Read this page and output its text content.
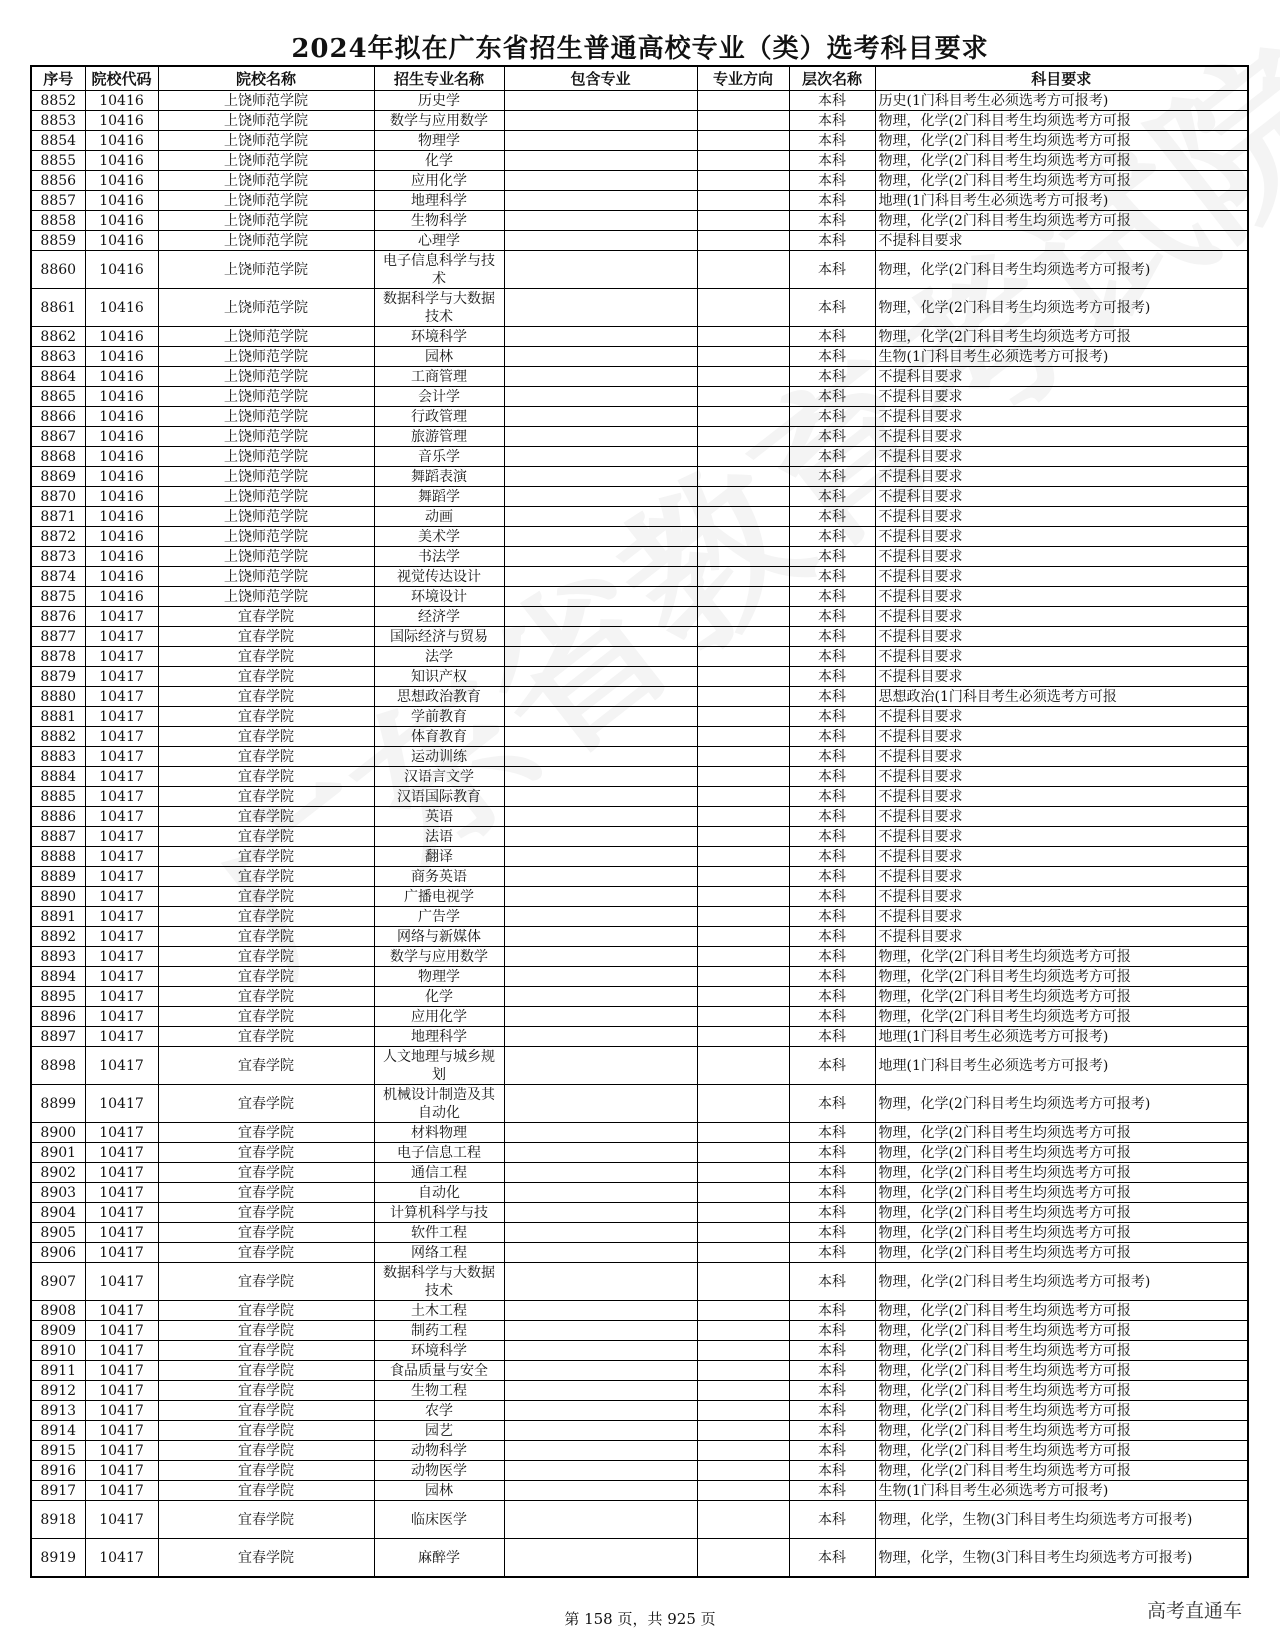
2024年拟在广东省招生普通高校专业（类）选考科目要求
序号	院校代码	院校名称	招生专业名称	包含专业	专业方向	层次名称	科目要求
8852	10416	上饶师范学院	历史学			本科	历史(1门科目考生必须选考方可报考)
8853	10416	上饶师范学院	数学与应用数学			本科	物理，化学(2门科目考生均须选考方可报
8854	10416	上饶师范学院	物理学			本科	物理，化学(2门科目考生均须选考方可报
8855	10416	上饶师范学院	化学			本科	物理，化学(2门科目考生均须选考方可报
8856	10416	上饶师范学院	应用化学			本科	物理，化学(2门科目考生均须选考方可报
8857	10416	上饶师范学院	地理科学			本科	地理(1门科目考生必须选考方可报考)
8858	10416	上饶师范学院	生物科学			本科	物理，化学(2门科目考生均须选考方可报
8859	10416	上饶师范学院	心理学			本科	不提科目要求
8860	10416	上饶师范学院	电子信息科学与技术			本科	物理，化学(2门科目考生均须选考方可报考)
8861	10416	上饶师范学院	数据科学与大数据技术			本科	物理，化学(2门科目考生均须选考方可报考)
8862	10416	上饶师范学院	环境科学			本科	物理，化学(2门科目考生均须选考方可报
8863	10416	上饶师范学院	园林			本科	生物(1门科目考生必须选考方可报考)
8864	10416	上饶师范学院	工商管理			本科	不提科目要求
8865	10416	上饶师范学院	会计学			本科	不提科目要求
8866	10416	上饶师范学院	行政管理			本科	不提科目要求
8867	10416	上饶师范学院	旅游管理			本科	不提科目要求
8868	10416	上饶师范学院	音乐学			本科	不提科目要求
8869	10416	上饶师范学院	舞蹈表演			本科	不提科目要求
8870	10416	上饶师范学院	舞蹈学			本科	不提科目要求
8871	10416	上饶师范学院	动画			本科	不提科目要求
8872	10416	上饶师范学院	美术学			本科	不提科目要求
8873	10416	上饶师范学院	书法学			本科	不提科目要求
8874	10416	上饶师范学院	视觉传达设计			本科	不提科目要求
8875	10416	上饶师范学院	环境设计			本科	不提科目要求
8876	10417	宜春学院	经济学			本科	不提科目要求
8877	10417	宜春学院	国际经济与贸易			本科	不提科目要求
8878	10417	宜春学院	法学			本科	不提科目要求
8879	10417	宜春学院	知识产权			本科	不提科目要求
8880	10417	宜春学院	思想政治教育			本科	思想政治(1门科目考生必须选考方可报
8881	10417	宜春学院	学前教育			本科	不提科目要求
8882	10417	宜春学院	体育教育			本科	不提科目要求
8883	10417	宜春学院	运动训练			本科	不提科目要求
8884	10417	宜春学院	汉语言文学			本科	不提科目要求
8885	10417	宜春学院	汉语国际教育			本科	不提科目要求
8886	10417	宜春学院	英语			本科	不提科目要求
8887	10417	宜春学院	法语			本科	不提科目要求
8888	10417	宜春学院	翻译			本科	不提科目要求
8889	10417	宜春学院	商务英语			本科	不提科目要求
8890	10417	宜春学院	广播电视学			本科	不提科目要求
8891	10417	宜春学院	广告学			本科	不提科目要求
8892	10417	宜春学院	网络与新媒体			本科	不提科目要求
8893	10417	宜春学院	数学与应用数学			本科	物理，化学(2门科目考生均须选考方可报
8894	10417	宜春学院	物理学			本科	物理，化学(2门科目考生均须选考方可报
8895	10417	宜春学院	化学			本科	物理，化学(2门科目考生均须选考方可报
8896	10417	宜春学院	应用化学			本科	物理，化学(2门科目考生均须选考方可报
8897	10417	宜春学院	地理科学			本科	地理(1门科目考生必须选考方可报考)
8898	10417	宜春学院	人文地理与城乡规划			本科	地理(1门科目考生必须选考方可报考)
8899	10417	宜春学院	机械设计制造及其自动化			本科	物理，化学(2门科目考生均须选考方可报考)
8900	10417	宜春学院	材料物理			本科	物理，化学(2门科目考生均须选考方可报
8901	10417	宜春学院	电子信息工程			本科	物理，化学(2门科目考生均须选考方可报
8902	10417	宜春学院	通信工程			本科	物理，化学(2门科目考生均须选考方可报
8903	10417	宜春学院	自动化			本科	物理，化学(2门科目考生均须选考方可报
8904	10417	宜春学院	计算机科学与技			本科	物理，化学(2门科目考生均须选考方可报
8905	10417	宜春学院	软件工程			本科	物理，化学(2门科目考生均须选考方可报
8906	10417	宜春学院	网络工程			本科	物理，化学(2门科目考生均须选考方可报
8907	10417	宜春学院	数据科学与大数据技术			本科	物理，化学(2门科目考生均须选考方可报考)
8908	10417	宜春学院	土木工程			本科	物理，化学(2门科目考生均须选考方可报
8909	10417	宜春学院	制药工程			本科	物理，化学(2门科目考生均须选考方可报
8910	10417	宜春学院	环境科学			本科	物理，化学(2门科目考生均须选考方可报
8911	10417	宜春学院	食品质量与安全			本科	物理，化学(2门科目考生均须选考方可报
8912	10417	宜春学院	生物工程			本科	物理，化学(2门科目考生均须选考方可报
8913	10417	宜春学院	农学			本科	物理，化学(2门科目考生均须选考方可报
8914	10417	宜春学院	园艺			本科	物理，化学(2门科目考生均须选考方可报
8915	10417	宜春学院	动物科学			本科	物理，化学(2门科目考生均须选考方可报
8916	10417	宜春学院	动物医学			本科	物理，化学(2门科目考生均须选考方可报
8917	10417	宜春学院	园林			本科	生物(1门科目考生必须选考方可报考)
8918	10417	宜春学院	临床医学			本科	物理，化学，生物(3门科目考生均须选考方可报考)
8919	10417	宜春学院	麻醉学			本科	物理，化学，生物(3门科目考生均须选考方可报考)
第 158 页，共 925 页	高考直通车
